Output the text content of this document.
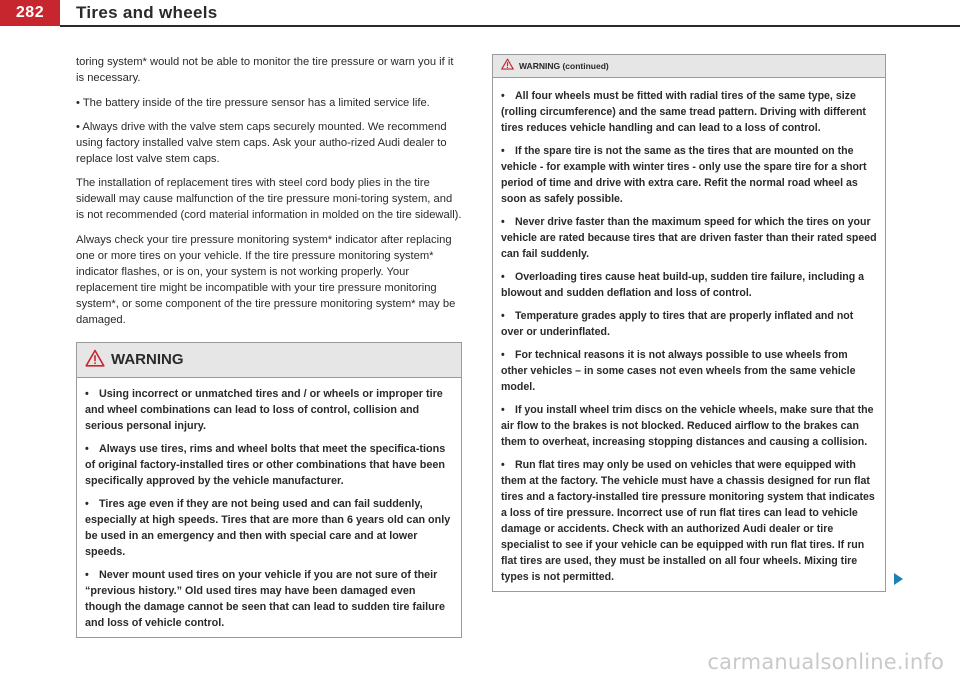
282	Tires and wheels

toring system* would not be able to monitor the tire pressure or warn you if it is necessary.

• The battery inside of the tire pressure sensor has a limited service life.

• Always drive with the valve stem caps securely mounted. We recommend using factory installed valve stem caps. Ask your autho-rized Audi dealer to replace lost valve stem caps.

The installation of replacement tires with steel cord body plies in the tire sidewall may cause malfunction of the tire pressure moni-toring system, and is not recommended (cord material information in molded on the tire sidewall).

Always check your tire pressure monitoring system* indicator after replacing one or more tires on your vehicle. If the tire pressure monitoring system* indicator flashes, or is on, your system is not working properly. Your replacement tire might be incompatible with your tire pressure monitoring system*, or some component of the tire pressure monitoring system* may be damaged.

WARNING

• Using incorrect or unmatched tires and / or wheels or improper tire and wheel combinations can lead to loss of control, collision and serious personal injury.

• Always use tires, rims and wheel bolts that meet the specifica-tions of original factory-installed tires or other combinations that have been specifically approved by the vehicle manufacturer.

• Tires age even if they are not being used and can fail suddenly, especially at high speeds. Tires that are more than 6 years old can only be used in an emergency and then with special care and at lower speeds.

• Never mount used tires on your vehicle if you are not sure of their “previous history.” Old used tires may have been damaged even though the damage cannot be seen that can lead to sudden tire failure and loss of vehicle control.

WARNING (continued)

• All four wheels must be fitted with radial tires of the same type, size (rolling circumference) and the same tread pattern. Driving with different tires reduces vehicle handling and can lead to a loss of control.

• If the spare tire is not the same as the tires that are mounted on the vehicle - for example with winter tires - only use the spare tire for a short period of time and drive with extra care. Refit the normal road wheel as soon as safely possible.

• Never drive faster than the maximum speed for which the tires on your vehicle are rated because tires that are driven faster than their rated speed can fail suddenly.

• Overloading tires cause heat build-up, sudden tire failure, including a blowout and sudden deflation and loss of control.

• Temperature grades apply to tires that are properly inflated and not over or underinflated.

• For technical reasons it is not always possible to use wheels from other vehicles – in some cases not even wheels from the same vehicle model.

• If you install wheel trim discs on the vehicle wheels, make sure that the air flow to the brakes is not blocked. Reduced airflow to the brakes can them to overheat, increasing stopping distances and causing a collision.

• Run flat tires may only be used on vehicles that were equipped with them at the factory. The vehicle must have a chassis designed for run flat tires and a factory-installed tire pressure monitoring system that indicates a loss of tire pressure. Incorrect use of run flat tires can lead to vehicle damage or accidents. Check with an authorized Audi dealer or tire specialist to see if your vehicle can be equipped with run flat tires. If run flat tires are used, they must be installed on all four wheels. Mixing tire types is not permitted.

carmanualsonline.info
